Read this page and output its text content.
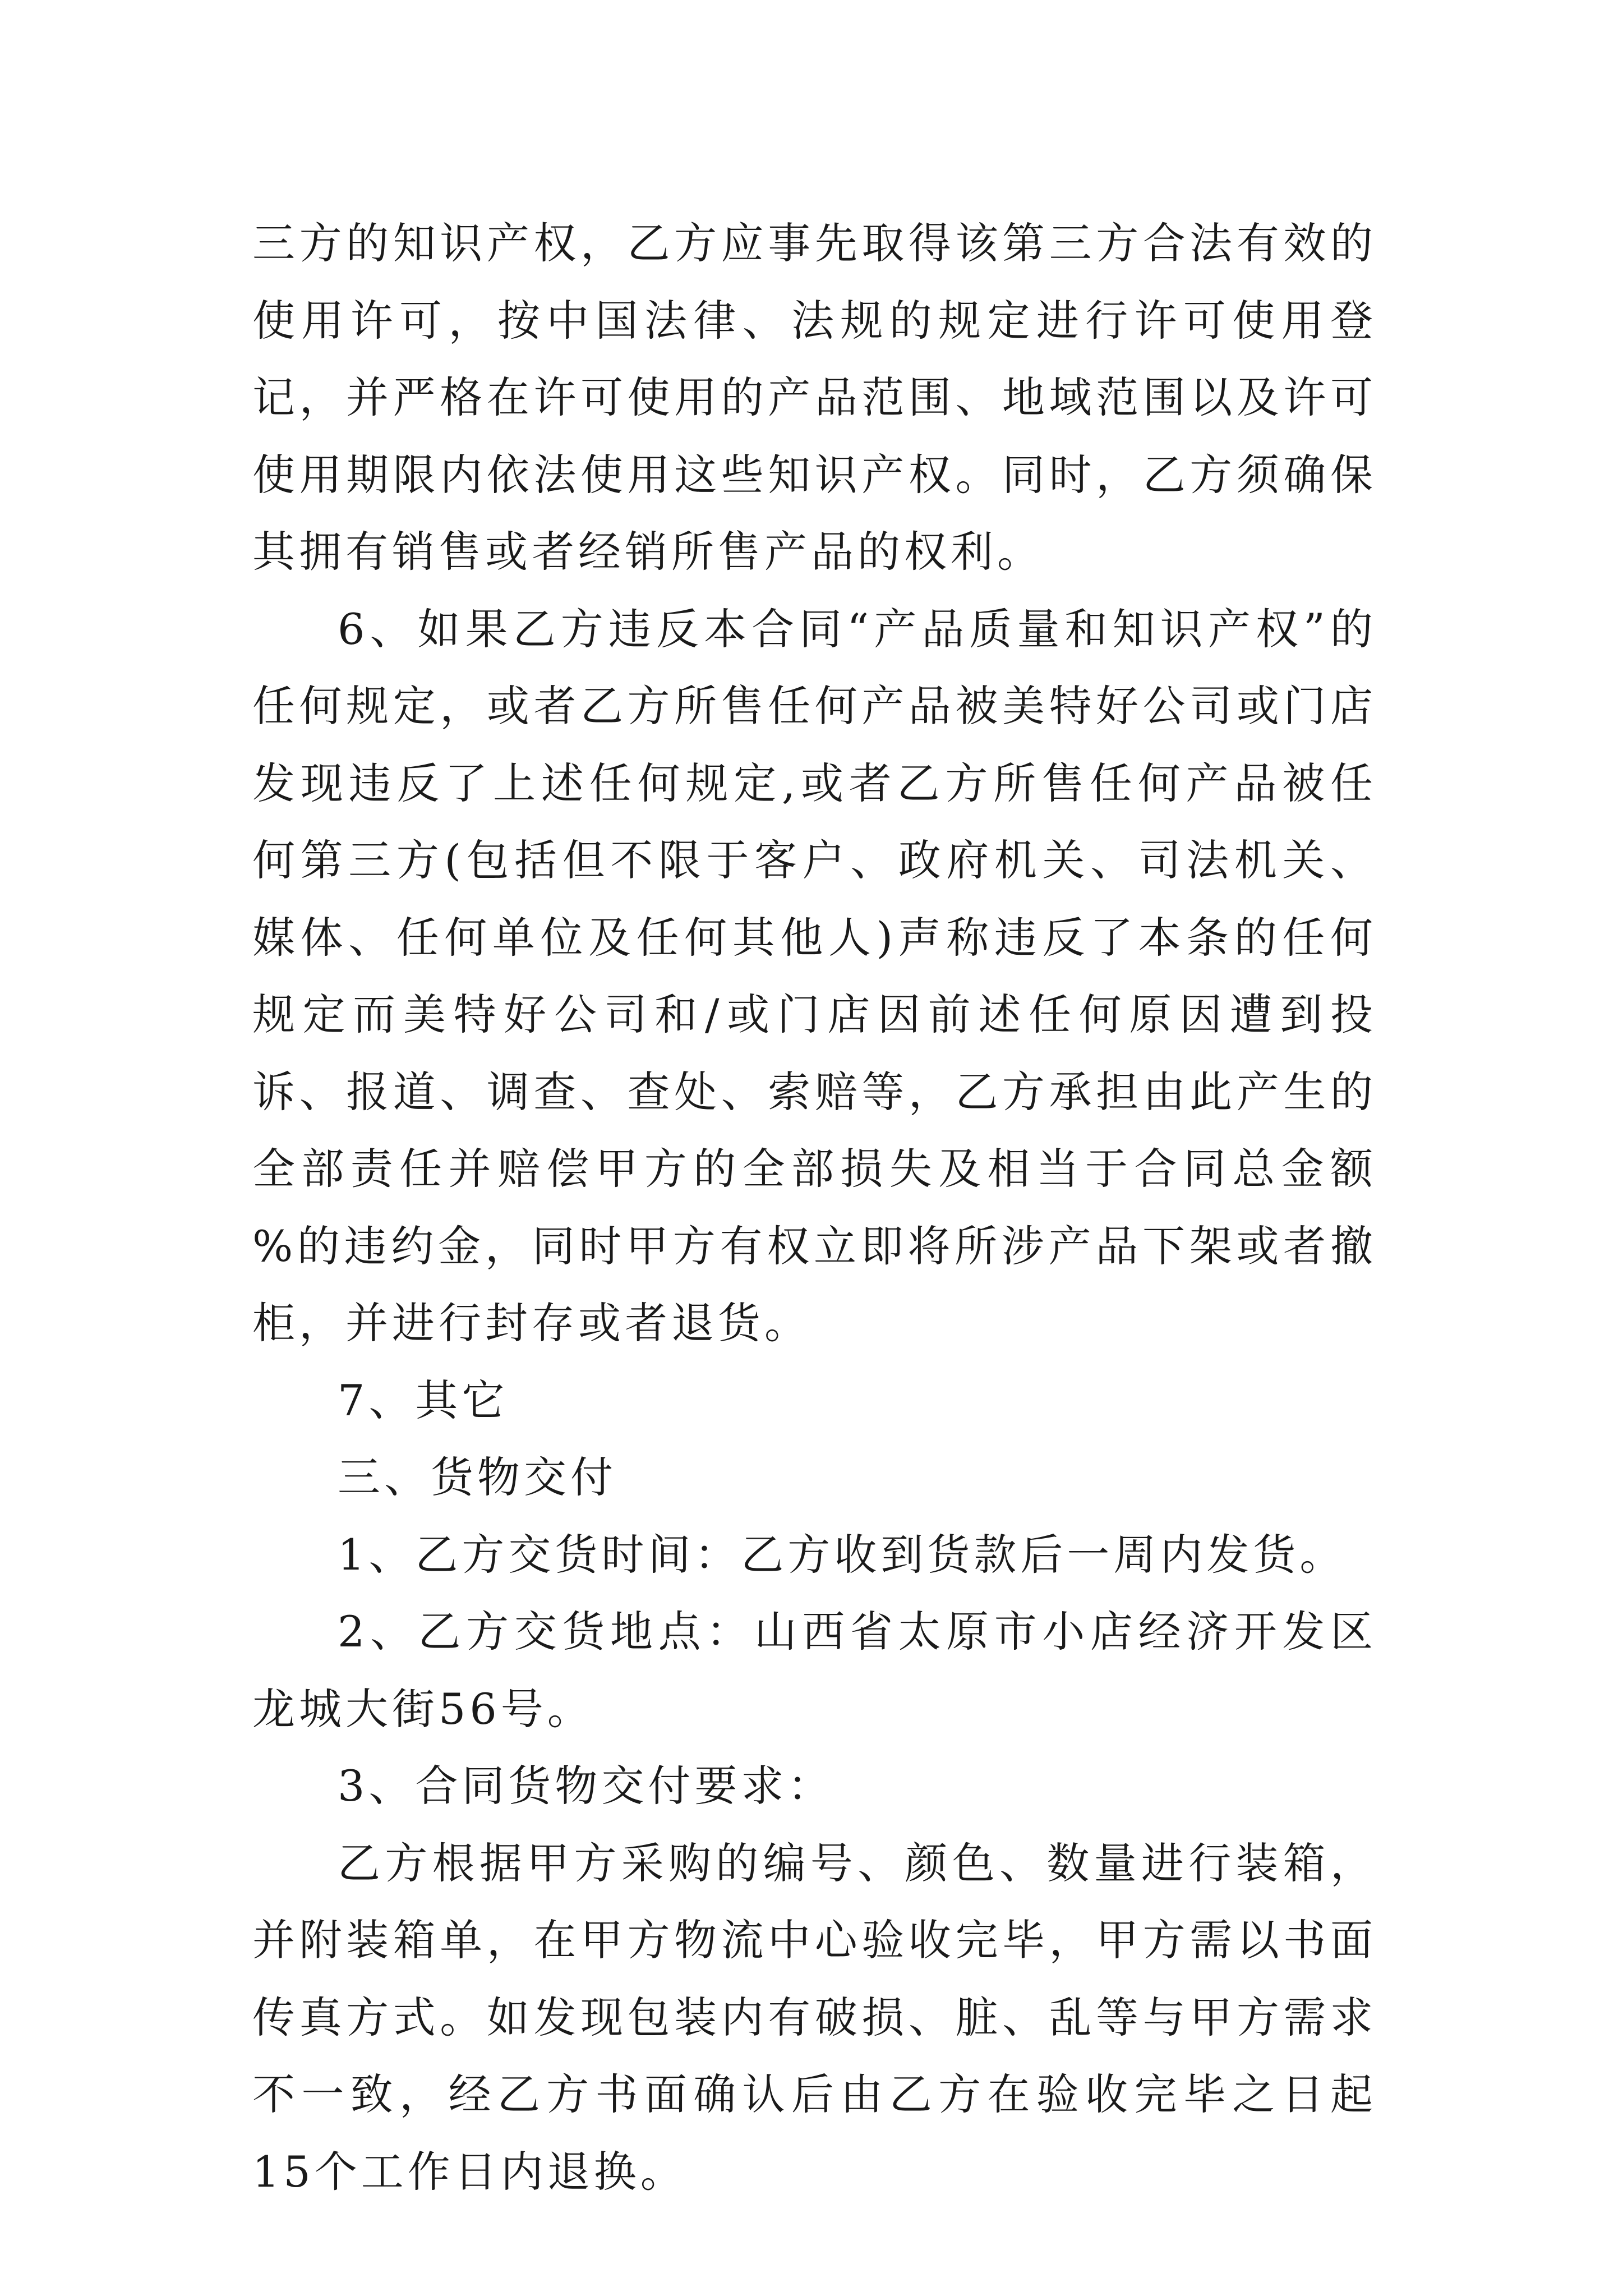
三方的知识产权，乙方应事先取得该第三方合法有效的使用许可，按中国法律、法规的规定进行许可使用登记，并严格在许可使用的产品范围、地域范围以及许可使用期限内依法使用这些知识产权。同时，乙方须确保其拥有销售或者经销所售产品的权利。

6、如果乙方违反本合同“产品质量和知识产权”的任何规定，或者乙方所售任何产品被美特好公司或门店发现违反了上述任何规定,或者乙方所售任何产品被任何第三方(包括但不限于客户、政府机关、司法机关、媒体、任何单位及任何其他人)声称违反了本条的任何规定而美特好公司和/或门店因前述任何原因遭到投诉、报道、调查、查处、索赔等，乙方承担由此产生的全部责任并赔偿甲方的全部损失及相当于合同总金额 %的违约金，同时甲方有权立即将所涉产品下架或者撤柜，并进行封存或者退货。

7、其它

三、货物交付

1、乙方交货时间：乙方收到货款后一周内发货。

2、乙方交货地点：山西省太原市小店经济开发区龙城大街56号。

3、合同货物交付要求：

乙方根据甲方采购的编号、颜色、数量进行装箱，并附装箱单，在甲方物流中心验收完毕，甲方需以书面传真方式。如发现包装内有破损、脏、乱等与甲方需求不一致，经乙方书面确认后由乙方在验收完毕之日起15个工作日内退换。
